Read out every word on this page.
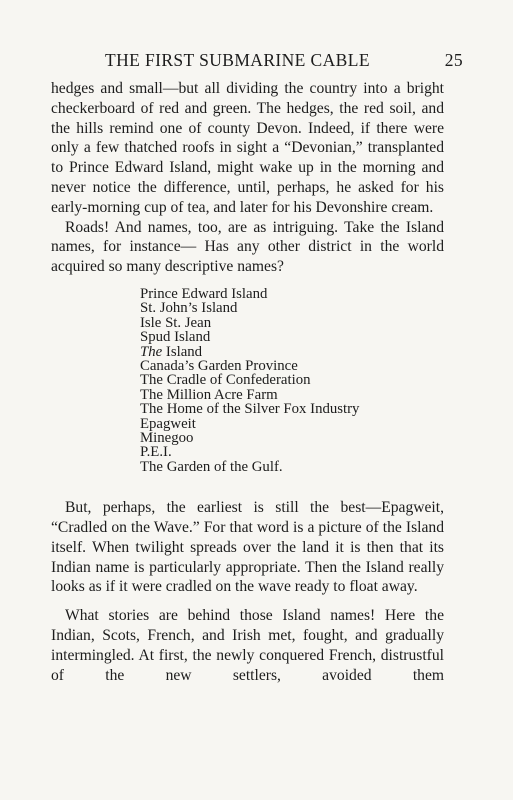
THE FIRST SUBMARINE CABLE	25

hedges and small—but all dividing the country into a bright checkerboard of red and green. The hedges, the red soil, and the hills remind one of county Devon. Indeed, if there were only a few thatched roofs in sight a “Devonian,” transplanted to Prince Edward Island, might wake up in the morning and never notice the difference, until, perhaps, he asked for his early-morning cup of tea, and later for his Devonshire cream.

Roads! And names, too, are as intriguing. Take the Island names, for instance— Has any other district in the world acquired so many descriptive names?

Prince Edward Island
St. John’s Island
Isle St. Jean
Spud Island
The Island
Canada’s Garden Province
The Cradle of Confederation
The Million Acre Farm
The Home of the Silver Fox Industry
Epagweit
Minegoo
P.E.I.
The Garden of the Gulf.

But, perhaps, the earliest is still the best—Epagweit, “Cradled on the Wave.” For that word is a picture of the Island itself. When twilight spreads over the land it is then that its Indian name is particularly appropriate. Then the Island really looks as if it were cradled on the wave ready to float away.

What stories are behind those Island names! Here the Indian, Scots, French, and Irish met, fought, and gradually intermingled. At first, the newly conquered French, distrustful of the new settlers, avoided them
